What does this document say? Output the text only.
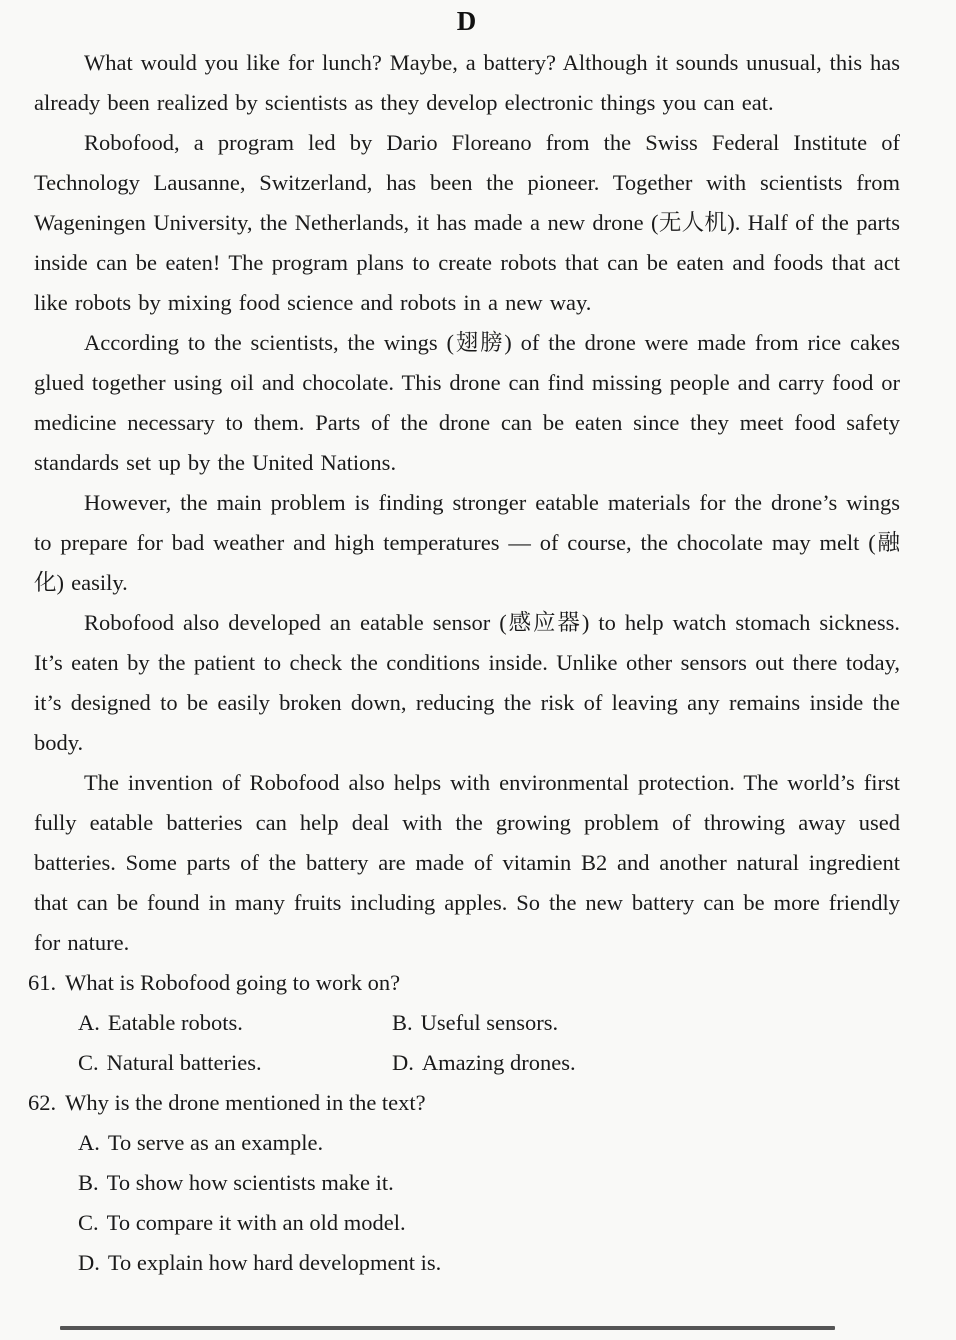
D

What would you like for lunch? Maybe, a battery? Although it sounds unusual, this has already been realized by scientists as they develop electronic things you can eat.

Robofood, a program led by Dario Floreano from the Swiss Federal Institute of Technology Lausanne, Switzerland, has been the pioneer. Together with scientists from Wageningen University, the Netherlands, it has made a new drone (无人机). Half of the parts inside can be eaten! The program plans to create robots that can be eaten and foods that act like robots by mixing food science and robots in a new way.

According to the scientists, the wings (翅膀) of the drone were made from rice cakes glued together using oil and chocolate. This drone can find missing people and carry food or medicine necessary to them. Parts of the drone can be eaten since they meet food safety standards set up by the United Nations.

However, the main problem is finding stronger eatable materials for the drone’s wings to prepare for bad weather and high temperatures — of course, the chocolate may melt (融化) easily.

Robofood also developed an eatable sensor (感应器) to help watch stomach sickness. It’s eaten by the patient to check the conditions inside. Unlike other sensors out there today, it’s designed to be easily broken down, reducing the risk of leaving any remains inside the body.

The invention of Robofood also helps with environmental protection. The world’s first fully eatable batteries can help deal with the growing problem of throwing away used batteries. Some parts of the battery are made of vitamin B2 and another natural ingredient that can be found in many fruits including apples. So the new battery can be more friendly for nature.

61. What is Robofood going to work on?
A. Eatable robots.	B. Useful sensors.
C. Natural batteries.	D. Amazing drones.
62. Why is the drone mentioned in the text?
A. To serve as an example.
B. To show how scientists make it.
C. To compare it with an old model.
D. To explain how hard development is.
